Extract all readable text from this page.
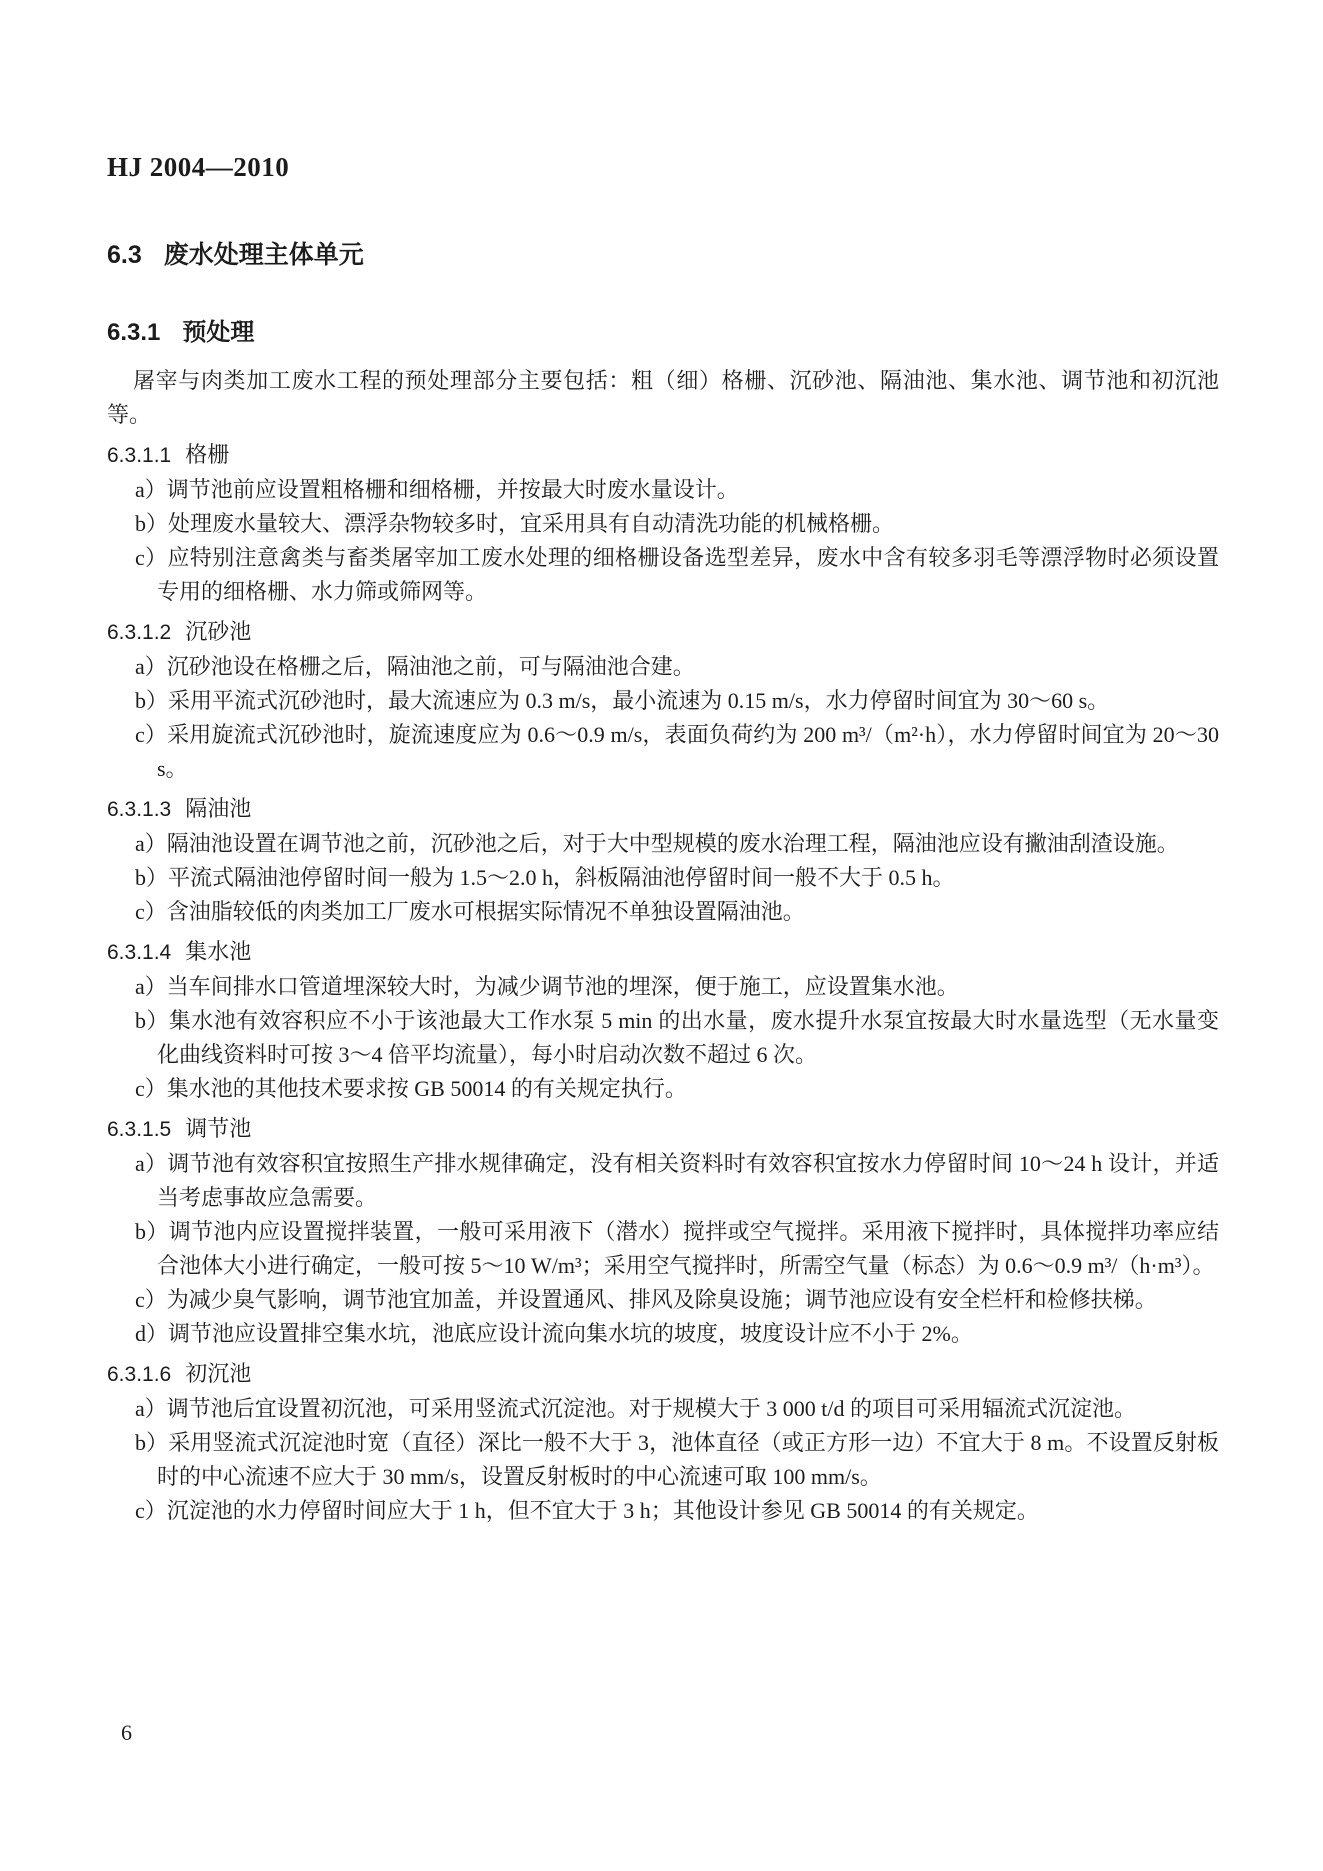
HJ 2004—2010
6.3 废水处理主体单元
6.3.1 预处理

屠宰与肉类加工废水工程的预处理部分主要包括：粗（细）格栅、沉砂池、隔油池、集水池、调节池和初沉池等。

6.3.1.1 格栅
a）调节池前应设置粗格栅和细格栅，并按最大时废水量设计。
b）处理废水量较大、漂浮杂物较多时，宜采用具有自动清洗功能的机械格栅。
c）应特别注意禽类与畜类屠宰加工废水处理的细格栅设备选型差异，废水中含有较多羽毛等漂浮物时必须设置专用的细格栅、水力筛或筛网等。
6.3.1.2 沉砂池
a）沉砂池设在格栅之后，隔油池之前，可与隔油池合建。
b）采用平流式沉砂池时，最大流速应为 0.3 m/s，最小流速为 0.15 m/s，水力停留时间宜为 30～60 s。
c）采用旋流式沉砂池时，旋流速度应为 0.6～0.9 m/s，表面负荷约为 200 m³/（m²·h），水力停留时间宜为 20～30 s。
6.3.1.3 隔油池
a）隔油池设置在调节池之前，沉砂池之后，对于大中型规模的废水治理工程，隔油池应设有撇油刮渣设施。
b）平流式隔油池停留时间一般为 1.5～2.0 h，斜板隔油池停留时间一般不大于 0.5 h。
c）含油脂较低的肉类加工厂废水可根据实际情况不单独设置隔油池。
6.3.1.4 集水池
a）当车间排水口管道埋深较大时，为减少调节池的埋深，便于施工，应设置集水池。
b）集水池有效容积应不小于该池最大工作水泵 5 min 的出水量，废水提升水泵宜按最大时水量选型（无水量变化曲线资料时可按 3～4 倍平均流量），每小时启动次数不超过 6 次。
c）集水池的其他技术要求按 GB 50014 的有关规定执行。
6.3.1.5 调节池
a）调节池有效容积宜按照生产排水规律确定，没有相关资料时有效容积宜按水力停留时间 10～24 h 设计，并适当考虑事故应急需要。
b）调节池内应设置搅拌装置，一般可采用液下（潜水）搅拌或空气搅拌。采用液下搅拌时，具体搅拌功率应结合池体大小进行确定，一般可按 5～10 W/m³；采用空气搅拌时，所需空气量（标态）为 0.6～0.9 m³/（h·m³）。
c）为减少臭气影响，调节池宜加盖，并设置通风、排风及除臭设施；调节池应设有安全栏杆和检修扶梯。
d）调节池应设置排空集水坑，池底应设计流向集水坑的坡度，坡度设计应不小于 2%。
6.3.1.6 初沉池
a）调节池后宜设置初沉池，可采用竖流式沉淀池。对于规模大于 3 000 t/d 的项目可采用辐流式沉淀池。
b）采用竖流式沉淀池时宽（直径）深比一般不大于 3，池体直径（或正方形一边）不宜大于 8 m。不设置反射板时的中心流速不应大于 30 mm/s，设置反射板时的中心流速可取 100 mm/s。
c）沉淀池的水力停留时间应大于 1 h，但不宜大于 3 h；其他设计参见 GB 50014 的有关规定。
6
